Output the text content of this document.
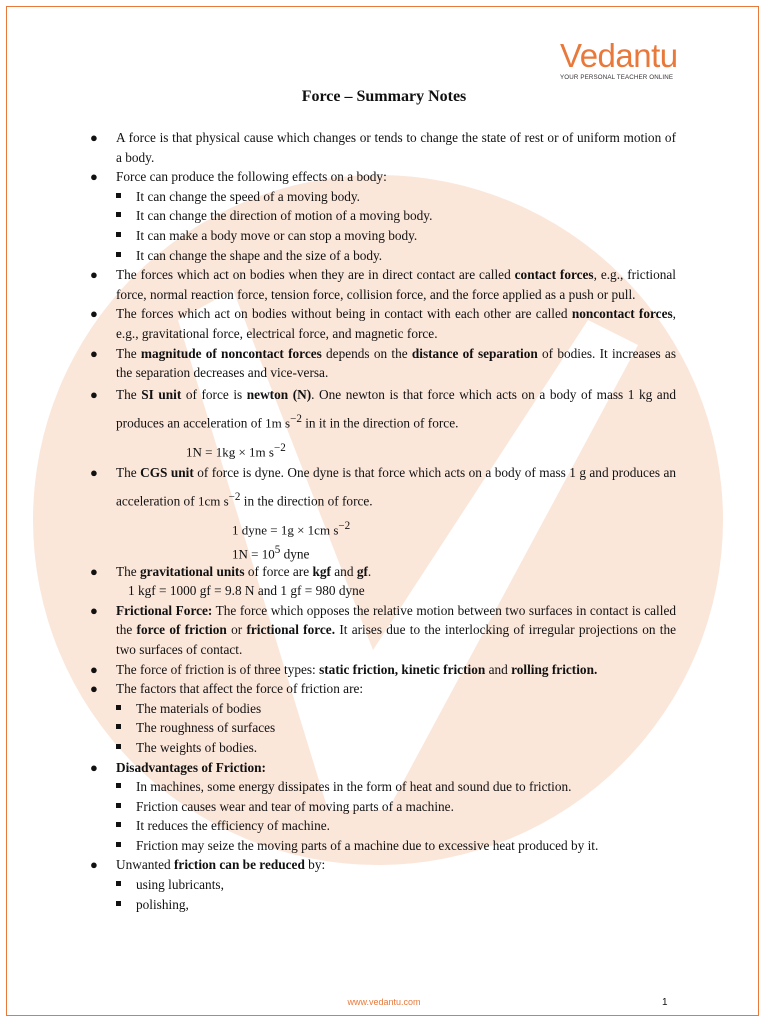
Vedantu
YOUR PERSONAL TEACHER ONLINE
Force – Summary Notes
● A force is that physical cause which changes or tends to change the state of rest or of uniform motion of a body.
● Force can produce the following effects on a body:
It can change the speed of a moving body.
It can change the direction of motion of a moving body.
It can make a body move or can stop a moving body.
It can change the shape and the size of a body.
● The forces which act on bodies when they are in direct contact are called contact forces, e.g., frictional force, normal reaction force, tension force, collision force, and the force applied as a push or pull.
● The forces which act on bodies without being in contact with each other are called noncontact forces, e.g., gravitational force, electrical force, and magnetic force.
● The magnitude of noncontact forces depends on the distance of separation of bodies. It increases as the separation decreases and vice-versa.
● The SI unit of force is newton (N). One newton is that force which acts on a body of mass 1 kg and produces an acceleration of 1m $s^{-2}$ in it in the direction of force.
1N = 1kg × 1m $s^{-2}$
● The CGS unit of force is dyne. One dyne is that force which acts on a body of mass 1 g and produces an acceleration of 1cm $s^{-2}$ in the direction of force.
1 dyne = 1g × 1cm $s^{-2}$
$1N = 10^5$ dyne
● The gravitational units of force are kgf and gf.
1 kgf = 1000 gf = 9.8 N and 1 gf = 980 dyne
● Frictional Force: The force which opposes the relative motion between two surfaces in contact is called the force of friction or frictional force. It arises due to the interlocking of irregular projections on the two surfaces of contact.
● The force of friction is of three types: static friction, kinetic friction and rolling friction.
● The factors that affect the force of friction are:
The materials of bodies
The roughness of surfaces
The weights of bodies.
● Disadvantages of Friction:
In machines, some energy dissipates in the form of heat and sound due to friction.
Friction causes wear and tear of moving parts of a machine.
It reduces the efficiency of machine.
Friction may seize the moving parts of a machine due to excessive heat produced by it.
● Unwanted friction can be reduced by:
using lubricants,
polishing,
www.vedantu.com	1
